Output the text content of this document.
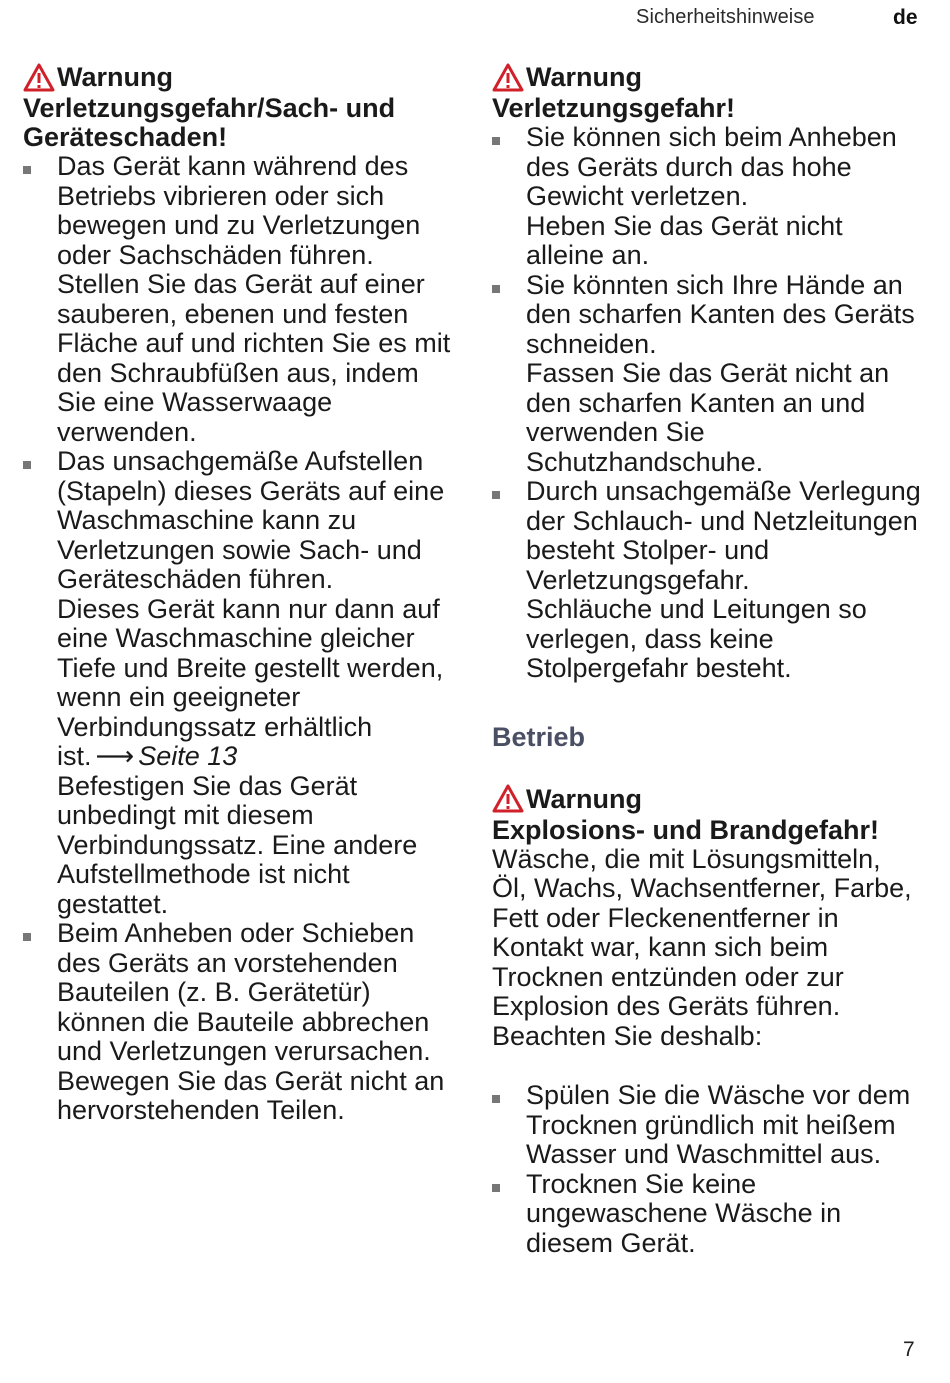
Sicherheitshinweise	de
Warnung
Verletzungsgefahr/Sach- und Geräteschaden!
Das Gerät kann während des Betriebs vibrieren oder sich bewegen und zu Verletzungen oder Sachschäden führen.
Stellen Sie das Gerät auf einer sauberen, ebenen und festen Fläche auf und richten Sie es mit den Schraubfüßen aus, indem Sie eine Wasserwaage verwenden.
Das unsachgemäße Aufstellen (Stapeln) dieses Geräts auf eine Waschmaschine kann zu Verletzungen sowie Sach- und Geräteschäden führen.
Dieses Gerät kann nur dann auf eine Waschmaschine gleicher Tiefe und Breite gestellt werden, wenn ein geeigneter Verbindungssatz erhältlich ist. ⟶ Seite 13
Befestigen Sie das Gerät unbedingt mit diesem Verbindungssatz. Eine andere Aufstellmethode ist nicht gestattet.
Beim Anheben oder Schieben des Geräts an vorstehenden Bauteilen (z. B. Gerätetür) können die Bauteile abbrechen und Verletzungen verursachen.
Bewegen Sie das Gerät nicht an hervorstehenden Teilen.
Warnung
Verletzungsgefahr!
Sie können sich beim Anheben des Geräts durch das hohe Gewicht verletzen.
Heben Sie das Gerät nicht alleine an.
Sie könnten sich Ihre Hände an den scharfen Kanten des Geräts schneiden.
Fassen Sie das Gerät nicht an den scharfen Kanten an und verwenden Sie Schutzhandschuhe.
Durch unsachgemäße Verlegung der Schlauch- und Netzleitungen besteht Stolper- und Verletzungsgefahr.
Schläuche und Leitungen so verlegen, dass keine Stolpergefahr besteht.
Betrieb
Warnung
Explosions- und Brandgefahr!
Wäsche, die mit Lösungsmitteln, Öl, Wachs, Wachsentferner, Farbe, Fett oder Fleckenentferner in Kontakt war, kann sich beim Trocknen entzünden oder zur Explosion des Geräts führen. Beachten Sie deshalb:
Spülen Sie die Wäsche vor dem Trocknen gründlich mit heißem Wasser und Waschmittel aus.
Trocknen Sie keine ungewaschene Wäsche in diesem Gerät.
7
